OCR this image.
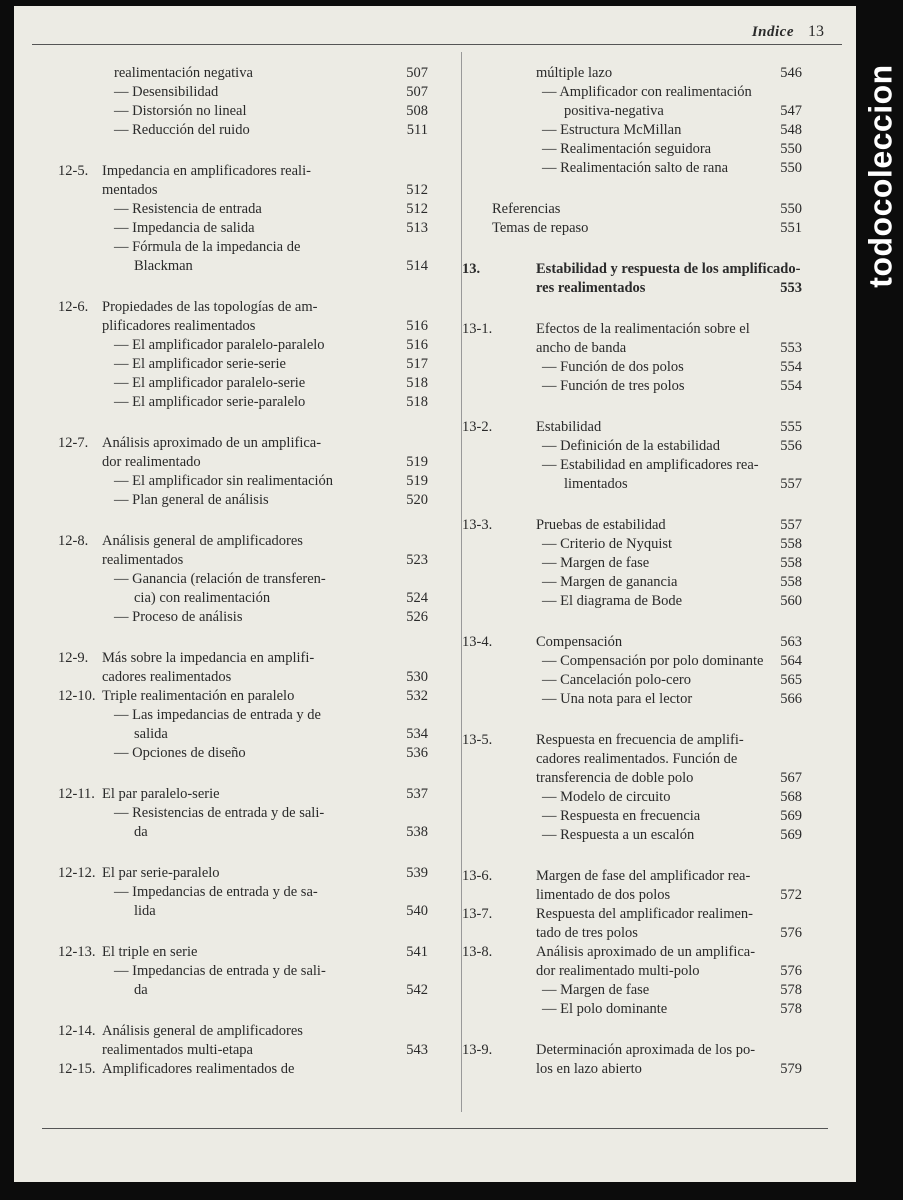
Indice 13
realimentación negativa	507
— Desensibilidad	507
— Distorsión no lineal	508
— Reducción del ruido	511
12-5. Impedancia en amplificadores reali-
mentados	512
— Resistencia de entrada	512
— Impedancia de salida	513
— Fórmula de la impedancia de
Blackman	514
12-6. Propiedades de las topologías de am-
plificadores realimentados	516
— El amplificador paralelo-paralelo	516
— El amplificador serie-serie	517
— El amplificador paralelo-serie	518
— El amplificador serie-paralelo	518
12-7. Análisis aproximado de un amplifica-
dor realimentado	519
— El amplificador sin realimentación	519
— Plan general de análisis	520
12-8. Análisis general de amplificadores
realimentados	523
— Ganancia (relación de transferen-
cia) con realimentación	524
— Proceso de análisis	526
12-9. Más sobre la impedancia en amplifi-
cadores realimentados	530
12-10. Triple realimentación en paralelo	532
— Las impedancias de entrada y de
salida	534
— Opciones de diseño	536
12-11. El par paralelo-serie	537
— Resistencias de entrada y de sali-
da	538
12-12. El par serie-paralelo	539
— Impedancias de entrada y de sa-
lida	540
12-13. El triple en serie	541
— Impedancias de entrada y de sali-
da	542
12-14. Análisis general de amplificadores
realimentados multi-etapa	543
12-15. Amplificadores realimentados de
múltiple lazo	546
— Amplificador con realimentación
positiva-negativa	547
— Estructura McMillan	548
— Realimentación seguidora	550
— Realimentación salto de rana	550
Referencias	550
Temas de repaso	551
13.	Estabilidad y respuesta de los amplificado-
res realimentados	553
13-1.	Efectos de la realimentación sobre el
ancho de banda	553
— Función de dos polos	554
— Función de tres polos	554
13-2.	Estabilidad	555
— Definición de la estabilidad	556
— Estabilidad en amplificadores rea-
limentados	557
13-3.	Pruebas de estabilidad	557
— Criterio de Nyquist	558
— Margen de fase	558
— Margen de ganancia	558
— El diagrama de Bode	560
13-4.	Compensación	563
— Compensación por polo dominante 564
— Cancelación polo-cero	565
— Una nota para el lector	566
13-5.	Respuesta en frecuencia de amplifi-
cadores realimentados. Función de
transferencia de doble polo	567
— Modelo de circuito	568
— Respuesta en frecuencia	569
— Respuesta a un escalón	569
13-6.	Margen de fase del amplificador rea-
limentado de dos polos	572
13-7.	Respuesta del amplificador realimen-
tado de tres polos	576
13-8.	Análisis aproximado de un amplifica-
dor realimentado multi-polo	576
— Margen de fase	578
— El polo dominante	578
13-9.	Determinación aproximada de los po-
los en lazo abierto	579
todocoleccion
